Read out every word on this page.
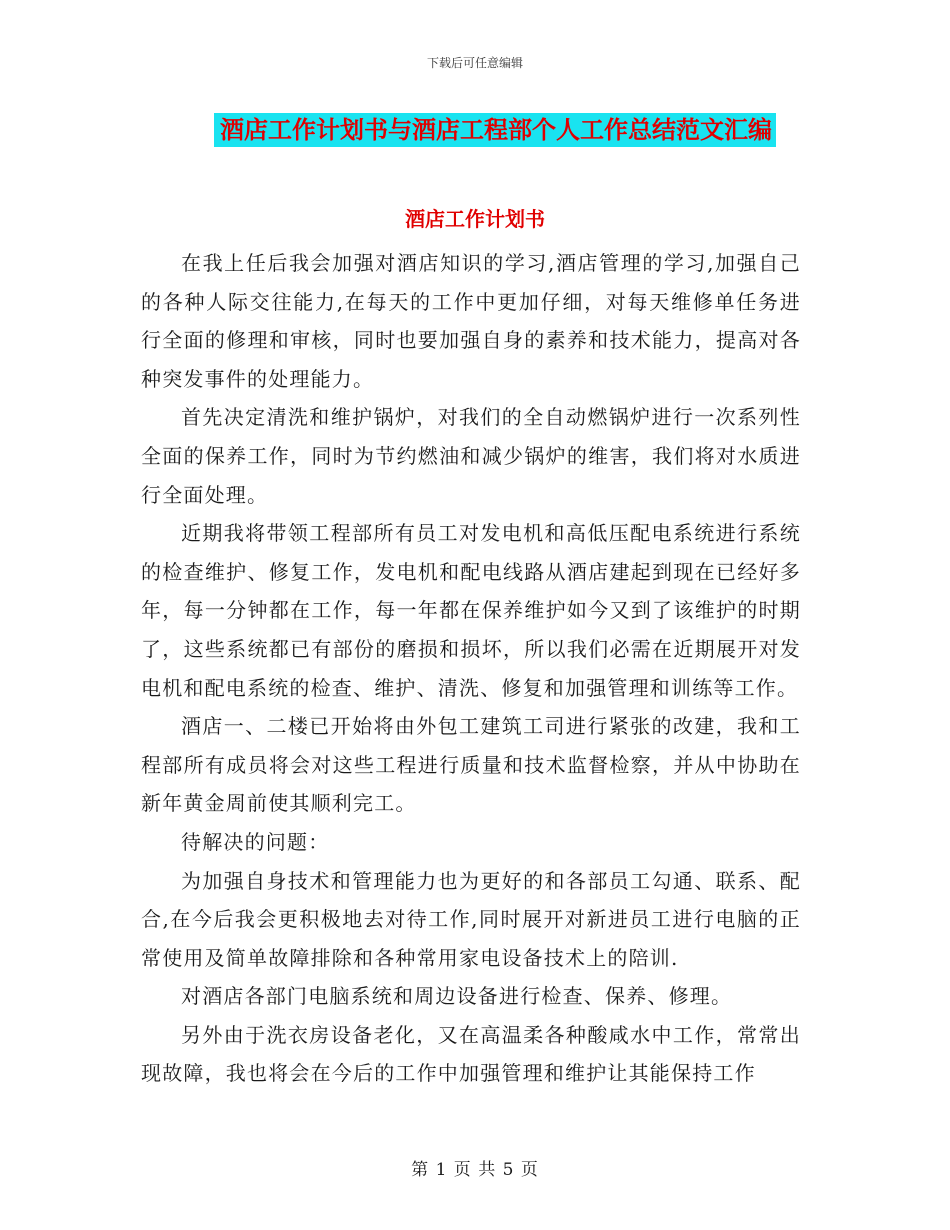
下载后可任意编辑
酒店工作计划书与酒店工程部个人工作总结范文汇编
酒店工作计划书

在我上任后我会加强对酒店知识的学习,酒店管理的学习,加强自己的各种人际交往能力,在每天的工作中更加仔细，对每天维修单任务进行全面的修理和审核，同时也要加强自身的素养和技术能力，提高对各种突发事件的处理能力。

首先决定清洗和维护锅炉，对我们的全自动燃锅炉进行一次系列性全面的保养工作，同时为节约燃油和减少锅炉的维害，我们将对水质进行全面处理。

近期我将带领工程部所有员工对发电机和高低压配电系统进行系统的检查维护、修复工作，发电机和配电线路从酒店建起到现在已经好多年，每一分钟都在工作，每一年都在保养维护如今又到了该维护的时期了，这些系统都已有部份的磨损和损坏，所以我们必需在近期展开对发电机和配电系统的检查、维护、清洗、修复和加强管理和训练等工作。

酒店一、二楼已开始将由外包工建筑工司进行紧张的改建，我和工程部所有成员将会对这些工程进行质量和技术监督检察，并从中协助在新年黄金周前使其顺利完工。

待解决的问题：

为加强自身技术和管理能力也为更好的和各部员工勾通、联系、配合,在今后我会更积极地去对待工作,同时展开对新进员工进行电脑的正常使用及简单故障排除和各种常用家电设备技术上的陪训.

对酒店各部门电脑系统和周边设备进行检查、保养、修理。

另外由于洗衣房设备老化，又在高温柔各种酸咸水中工作，常常出现故障，我也将会在今后的工作中加强管理和维护让其能保持工作

第 1 页 共 5 页
